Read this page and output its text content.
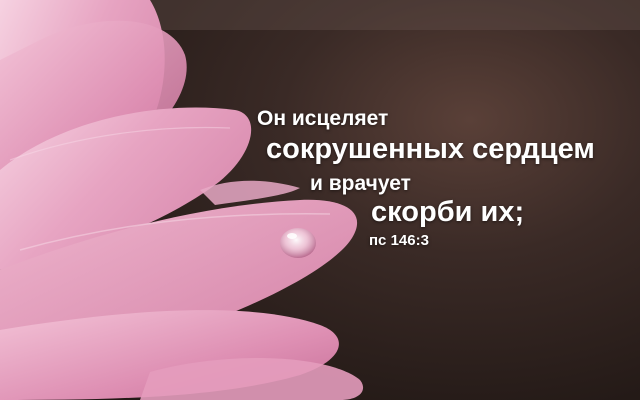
Он исцеляет
сокрушенных сердцем
и врачует
скорби их;
пс 146:3
